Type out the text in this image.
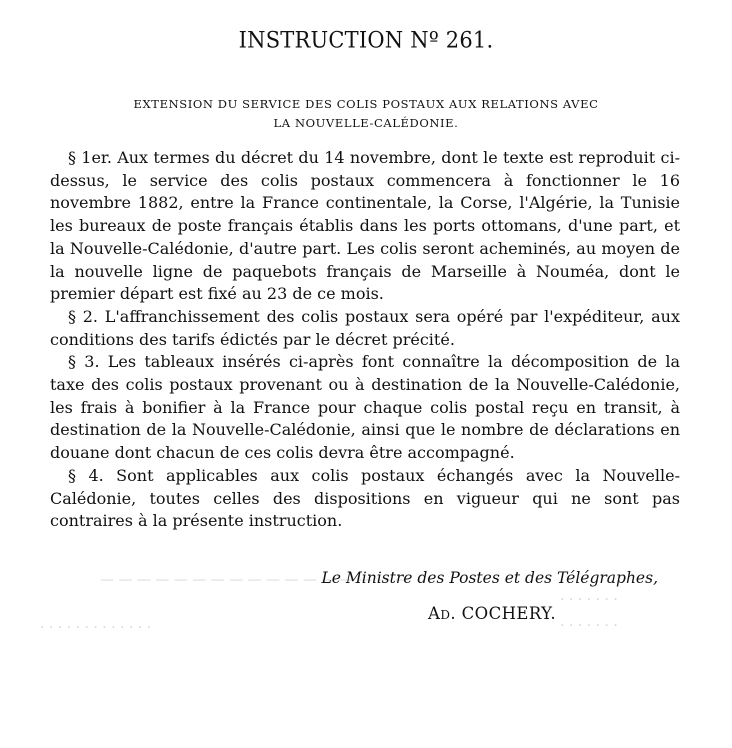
— — — — — — — — — — — — — — — — —
· · · · · · ·
· · · · · · · · · · · · ·	· · · · · · ·
INSTRUCTION Nº 261.
EXTENSION DU SERVICE DES COLIS POSTAUX AUX RELATIONS AVEC
LA NOUVELLE-CALÉDONIE.

§ 1er. Aux termes du décret du 14 novembre, dont le texte est reproduit ci-dessus, le service des colis postaux commencera à fonctionner le 16 novembre 1882, entre la France continentale, la Corse, l'Algérie, la Tunisie les bureaux de poste français établis dans les ports ottomans, d'une part, et la Nouvelle-Calédonie, d'autre part. Les colis seront acheminés, au moyen de la nouvelle ligne de paquebots français de Marseille à Nouméa, dont le premier départ est fixé au 23 de ce mois.

§ 2. L'affranchissement des colis postaux sera opéré par l'expéditeur, aux conditions des tarifs édictés par le décret précité.

§ 3. Les tableaux insérés ci-après font connaître la décomposition de la taxe des colis postaux provenant ou à destination de la Nouvelle-Calédonie, les frais à bonifier à la France pour chaque colis postal reçu en transit, à destination de la Nouvelle-Calédonie, ainsi que le nombre de déclarations en douane dont chacun de ces colis devra être accompagné.

§ 4. Sont applicables aux colis postaux échangés avec la Nouvelle-Calédonie, toutes celles des dispositions en vigueur qui ne sont pas contraires à la présente instruction.

Le Ministre des Postes et des Télégraphes,
Ad. COCHERY.
